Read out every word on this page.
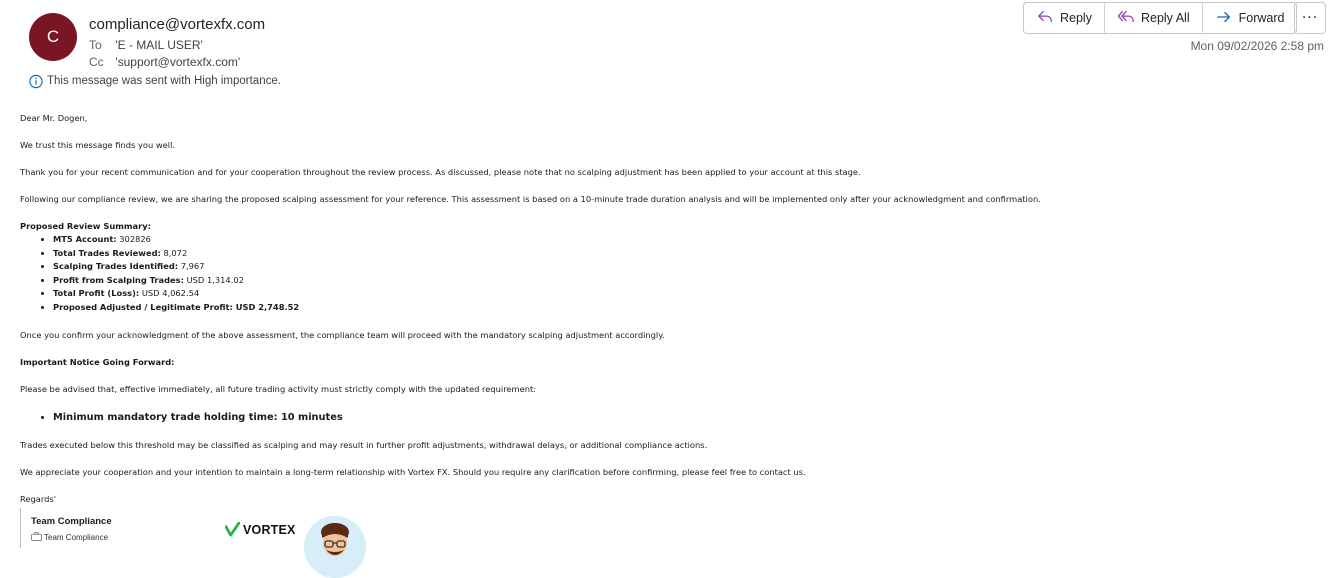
C
compliance@vortexfx.com
To 'E - MAIL USER'
Cc 'support@vortexfx.com'
This message was sent with High importance.
Reply	Reply All	Forward	···
Mon 09/02/2026 2:58 pm

Dear Mr. Dogen,

We trust this message finds you well.

Thank you for your recent communication and for your cooperation throughout the review process. As discussed, please note that no scalping adjustment has been applied to your account at this stage.

Following our compliance review, we are sharing the proposed scalping assessment for your reference. This assessment is based on a 10-minute trade duration analysis and will be implemented only after your acknowledgment and confirmation.

Proposed Review Summary:

• MT5 Account: 302826
• Total Trades Reviewed: 8,072
• Scalping Trades Identified: 7,967
• Profit from Scalping Trades: USD 1,314.02
• Total Profit (Loss): USD 4,062.54
• Proposed Adjusted / Legitimate Profit: USD 2,748.52

Once you confirm your acknowledgment of the above assessment, the compliance team will proceed with the mandatory scalping adjustment accordingly.

Important Notice Going Forward:

Please be advised that, effective immediately, all future trading activity must strictly comply with the updated requirement:

• Minimum mandatory trade holding time: 10 minutes

Trades executed below this threshold may be classified as scalping and may result in further profit adjustments, withdrawal delays, or additional compliance actions.

We appreciate your cooperation and your intention to maintain a long-term relationship with Vortex FX. Should you require any clarification before confirming, please feel free to contact us.

Regards'

Team Compliance
Team Compliance
VORTEX
